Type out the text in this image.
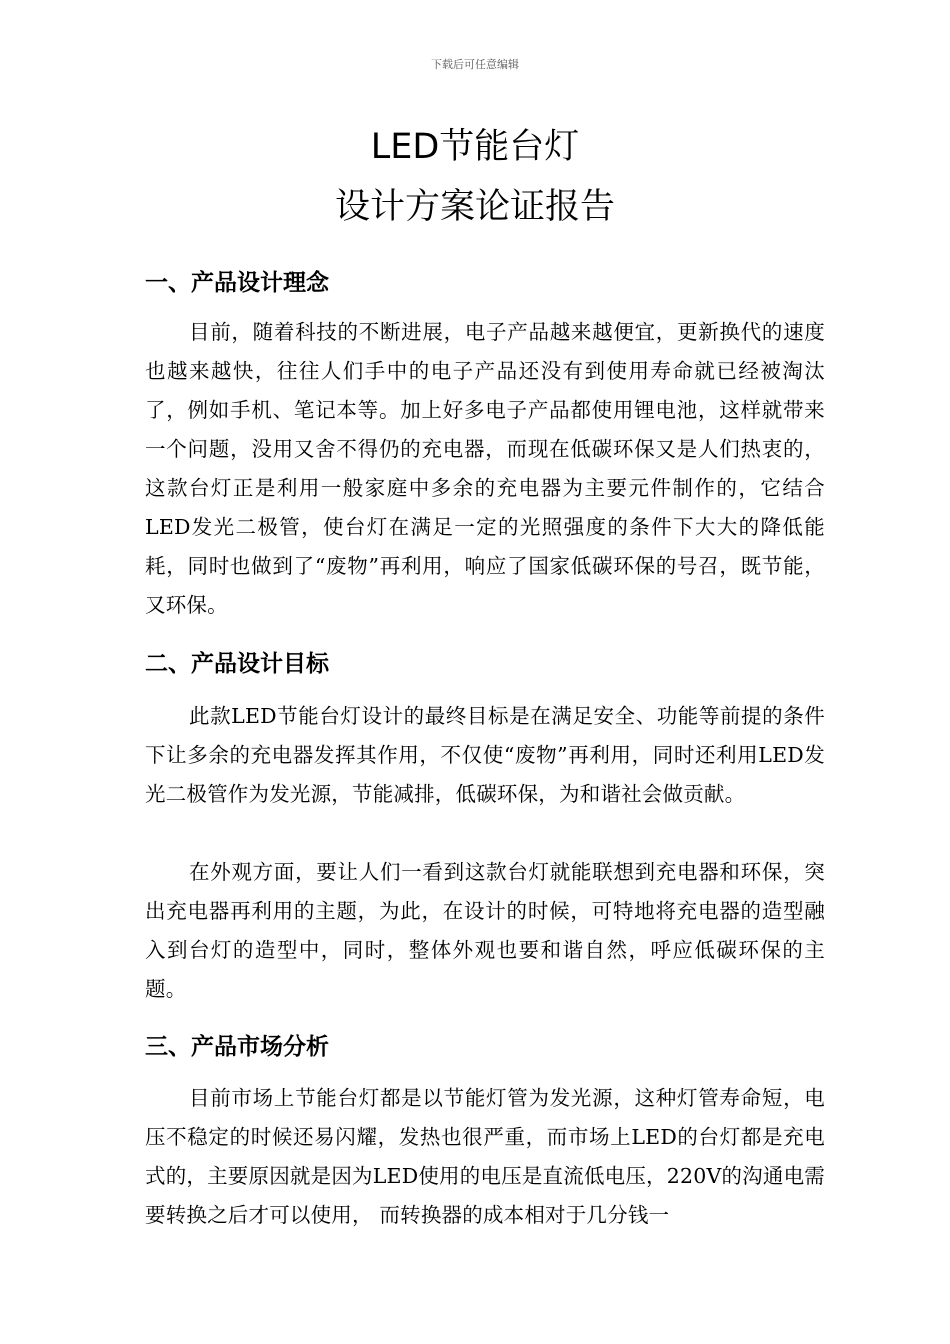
下载后可任意编辑
LED节能台灯
设计方案论证报告
一、产品设计理念

目前，随着科技的不断进展，电子产品越来越便宜，更新换代的速度也越来越快，往往人们手中的电子产品还没有到使用寿命就已经被淘汰了，例如手机、笔记本等。加上好多电子产品都使用锂电池，这样就带来一个问题，没用又舍不得仍的充电器，而现在低碳环保又是人们热衷的，这款台灯正是利用一般家庭中多余的充电器为主要元件制作的，它结合LED发光二极管，使台灯在满足一定的光照强度的条件下大大的降低能耗，同时也做到了“废物”再利用，响应了国家低碳环保的号召，既节能，又环保。

二、产品设计目标

此款LED节能台灯设计的最终目标是在满足安全、功能等前提的条件下让多余的充电器发挥其作用，不仅使“废物”再利用，同时还利用LED发光二极管作为发光源，节能减排，低碳环保，为和谐社会做贡献。

在外观方面，要让人们一看到这款台灯就能联想到充电器和环保，突出充电器再利用的主题，为此，在设计的时候，可特地将充电器的造型融入到台灯的造型中，同时，整体外观也要和谐自然，呼应低碳环保的主题。

三、产品市场分析

目前市场上节能台灯都是以节能灯管为发光源，这种灯管寿命短，电压不稳定的时候还易闪耀，发热也很严重，而市场上LED的台灯都是充电式的，主要原因就是因为LED使用的电压是直流低电压，220V的沟通电需要转换之后才可以使用， 而转换器的成本相对于几分钱一
